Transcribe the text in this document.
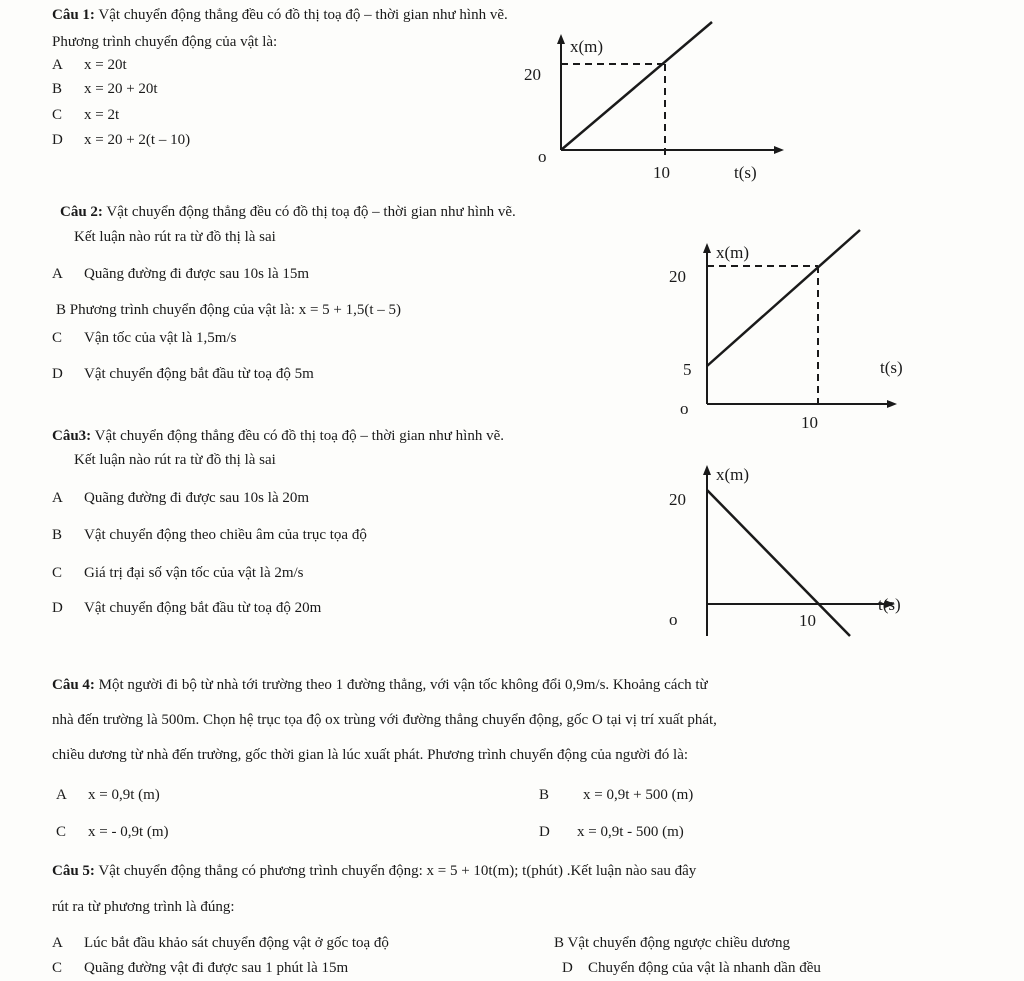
Câu 1: Vật chuyển động thẳng đều có đồ thị toạ độ – thời gian như hình vẽ.
Phương trình chuyển động của vật là:
A x = 20t
B x = 20 + 20t
C x = 2t
D x = 20 + 2(t – 10)
x(m)
20
o
10	t(s)
Câu 2: Vật chuyển động thẳng đều có đồ thị toạ độ – thời gian như hình vẽ.
Kết luận nào rút ra từ đồ thị là sai
A Quãng đường đi được sau 10s là 15m
B Phương trình chuyển động của vật là: x = 5 + 1,5(t – 5)
C Vận tốc của vật là 1,5m/s
D Vật chuyển động bắt đầu từ toạ độ 5m
x(m)
20
5
o
10
t(s)
Câu3: Vật chuyển động thẳng đều có đồ thị toạ độ – thời gian như hình vẽ.
Kết luận nào rút ra từ đồ thị là sai
A Quãng đường đi được sau 10s là 20m
B Vật chuyển động theo chiều âm của trục tọa độ
C Giá trị đại số vận tốc của vật là 2m/s
D Vật chuyển động bắt đầu từ toạ độ 20m
x(m)
20
o	10
t(s)
Câu 4: Một người đi bộ từ nhà tới trường theo 1 đường thẳng, với vận tốc không đổi 0,9m/s. Khoảng cách từ
nhà đến trường là 500m. Chọn hệ trục tọa độ ox trùng với đường thẳng chuyển động, gốc O tại vị trí xuất phát,
chiều dương từ nhà đến trường, gốc thời gian là lúc xuất phát. Phương trình chuyển động của người đó là:
A x = 0,9t (m)	B x = 0,9t + 500 (m)
C x = - 0,9t (m)	D x = 0,9t - 500 (m)
Câu 5: Vật chuyển động thẳng có phương trình chuyển động: x = 5 + 10t(m); t(phút) .Kết luận nào sau đây
rút ra từ phương trình là đúng:
A Lúc bắt đầu khảo sát chuyển động vật ở gốc toạ độ	B Vật chuyển động ngược chiều dương
C Quãng đường vật đi được sau 1 phút là 15m	D Chuyển động của vật là nhanh dần đều
